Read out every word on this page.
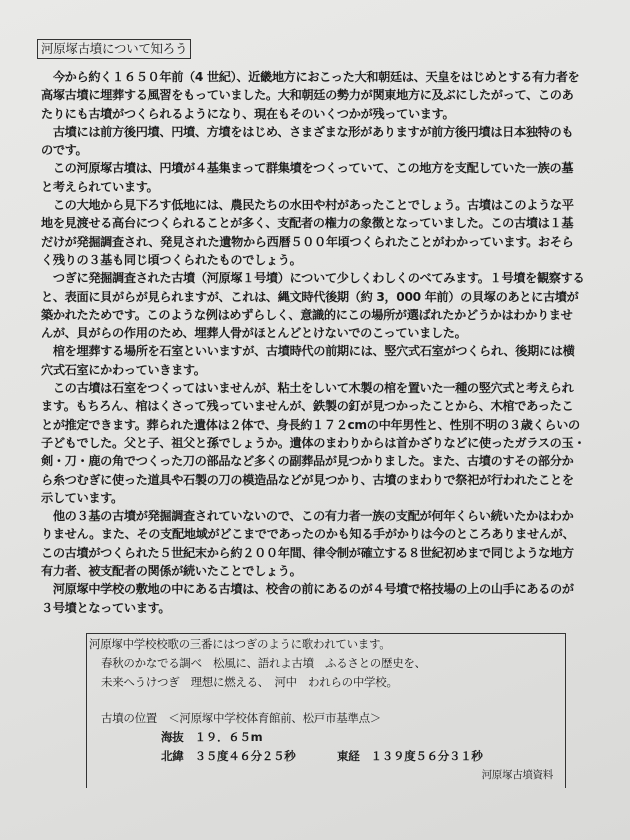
河原塚古墳について知ろう
　今から約く１６５０年前（4 世紀）、近畿地方におこった大和朝廷は、天皇をはじめとする有力者を
高塚古墳に埋葬する風習をもっていました。大和朝廷の勢力が関東地方に及ぶにしたがって、このあ
たりにも古墳がつくられるようになり、現在もそのいくつかが残っています。
　古墳には前方後円墳、円墳、方墳をはじめ、さまざまな形がありますが前方後円墳は日本独特のも
のです。
　この河原塚古墳は、円墳が４基集まって群集墳をつくっていて、この地方を支配していた一族の墓
と考えられています。
　この大地から見下ろす低地には、農民たちの水田や村があったことでしょう。古墳はこのような平
地を見渡せる高台につくられることが多く、支配者の権力の象徴となっていました。この古墳は１基
だけが発掘調査され、発見された遺物から西暦５００年頃つくられたことがわかっています。おそら
く残りの３基も同じ頃つくられたものでしょう。
　つぎに発掘調査された古墳（河原塚１号墳）について少しくわしくのべてみます。１号墳を観察する
と、表面に貝がらが見られますが、これは、縄文時代後期（約 3，000 年前）の貝塚のあとに古墳が
築かれたためです。このような例はめずらしく、意識的にこの場所が選ばれたかどうかはわかりませ
んが、貝がらの作用のため、埋葬人骨がほとんどとけないでのこっていました。
　棺を埋葬する場所を石室といいますが、古墳時代の前期には、竪穴式石室がつくられ、後期には横
穴式石室にかわっていきます。
　この古墳は石室をつくってはいませんが、粘土をしいて木製の棺を置いた一種の竪穴式と考えられ
ます。もちろん、棺はくさって残っていませんが、鉄製の釘が見つかったことから、木棺であったこ
とが推定できます。葬られた遺体は２体で、身長約１７２cmの中年男性と、性別不明の３歳くらいの
子どもでした。父と子、祖父と孫でしょうか。遺体のまわりからは首かざりなどに使ったガラスの玉・
剣・刀・鹿の角でつくった刀の部品など多くの副葬品が見つかりました。また、古墳のすその部分か
ら糸つむぎに使った道具や石製の刀の模造品などが見つかり、古墳のまわりで祭祀が行われたことを
示しています。
　他の３基の古墳が発掘調査されていないので、この有力者一族の支配が何年くらい続いたかはわか
りません。また、その支配地域がどこまでであったのかも知る手がかりは今のところありませんが、
この古墳がつくられた５世紀末から約２００年間、律令制が確立する８世紀初めまで同じような地方
有力者、被支配者の関係が続いたことでしょう。
　河原塚中学校の敷地の中にある古墳は、校舎の前にあるのが４号墳で格技場の上の山手にあるのが
３号墳となっています。
河原塚中学校校歌の三番にはつぎのように歌われています。
春秋のかなでる調べ　松風に、語れよ古墳　ふるさとの歴史を、
未来へうけつぎ　理想に燃える、　河中　われらの中学校。
古墳の位置　＜河原塚中学校体育館前、松戸市基準点＞
海抜　１９．６５m
北緯　３５度４６分２５秒	東経　１３９度５６分３１秒
河原塚古墳資料
